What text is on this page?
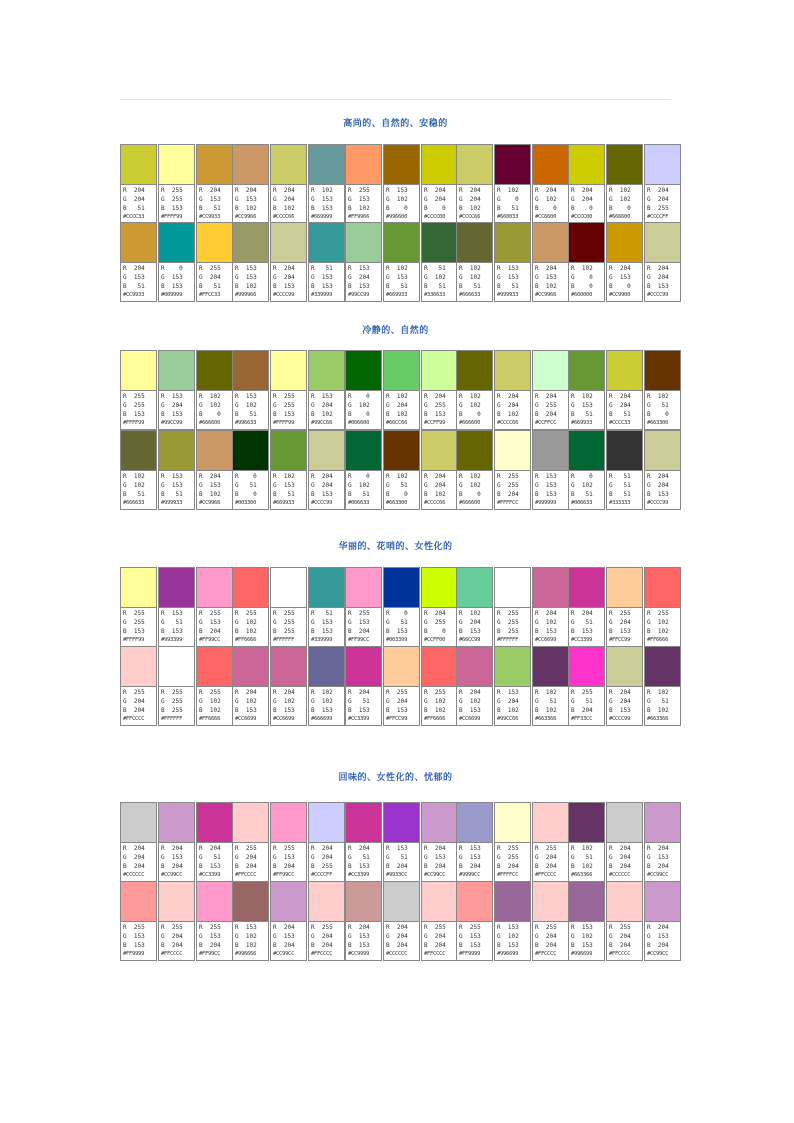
高尚的、自然的、安稳的
R  204
G  204
B   51
#CCCC33
R  255
G  255
B  153
#FFFF99
R  204
G  153
B   51
#CC9933
R  204
G  153
B  102
#CC9966
R  204
G  204
B  102
#CCCC66
R  102
G  153
B  153
#669999
R  255
G  153
B  102
#FF9966
R  153
G  102
B    0
#996600
R  204
G  204
B    0
#CCCC00
R  204
G  204
B  102
#CCCC66
R  102
G    0
B   51
#660033
R  204
G  102
B    0
#CC6600
R  204
G  204
B    0
#CCCC00
R  102
G  102
B    0
#666600
R  204
G  204
B  255
#CCCCFF
R  204
G  153
B   51
#CC9933
R    0
G  153
B  153
#009999
R  255
G  204
B   51
#FFCC33
R  153
G  153
B  102
#999966
R  204
G  204
B  153
#CCCC99
R   51
G  153
B  153
#339999
R  153
G  204
B  153
#99CC99
R  102
G  153
B   51
#669933
R   51
G  102
B   51
#336633
R  102
G  102
B   51
#666633
R  153
G  153
B   51
#999933
R  204
G  153
B  102
#CC9966
R  102
G    0
B    0
#660000
R  204
G  153
B    0
#CC9900
R  204
G  204
B  153
#CCCC99
冷静的、自然的
R  255
G  255
B  153
#FFFF99
R  153
G  204
B  153
#99CC99
R  102
G  102
B    0
#666600
R  153
G  102
B   51
#996633
R  255
G  255
B  153
#FFFF99
R  153
G  204
B  102
#99CC66
R    0
G  102
B    0
#006600
R  102
G  204
B  102
#66CC66
R  204
G  255
B  153
#CCFF99
R  102
G  102
B    0
#666600
R  204
G  204
B  102
#CCCC66
R  204
G  255
B  204
#CCFFCC
R  102
G  153
B   51
#669933
R  204
G  204
B   51
#CCCC33
R  102
G   51
B    0
#663300
R  102
G  102
B   51
#666633
R  153
G  153
B   51
#999933
R  204
G  153
B  102
#CC9966
R    0
G   51
B    0
#003300
R  102
G  153
B   51
#669933
R  204
G  204
B  153
#CCCC99
R    0
G  102
B   51
#006633
R  102
G   51
B    0
#663300
R  204
G  204
B  102
#CCCC66
R  102
G  102
B    0
#666600
R  255
G  255
B  204
#FFFFCC
R  153
G  153
B  153
#999999
R    0
G  102
B   51
#006633
R   51
G   51
B   51
#333333
R  204
G  204
B  153
#CCCC99
华丽的、花哨的、女性化的
R  255
G  255
B  153
#FFFF99
R  153
G   51
B  153
#993399
R  255
G  153
B  204
#FF99CC
R  255
G  102
B  102
#FF6666
R  255
G  255
B  255
#FFFFFF
R   51
G  153
B  153
#339999
R  255
G  153
B  204
#FF99CC
R    0
G   51
B  153
#003399
R  204
G  255
B    0
#CCFF00
R  102
G  204
B  153
#66CC99
R  255
G  255
B  255
#FFFFFF
R  204
G  102
B  153
#CC6699
R  204
G   51
B  153
#CC3399
R  255
G  204
B  153
#FFCC99
R  255
G  102
B  102
#FF6666
R  255
G  204
B  204
#FFCCCC
R  255
G  255
B  255
#FFFFFF
R  255
G  102
B  102
#FF6666
R  204
G  102
B  153
#CC6699
R  204
G  102
B  153
#CC6699
R  102
G  102
B  153
#666699
R  204
G   51
B  153
#CC3399
R  255
G  204
B  153
#FFCC99
R  255
G  102
B  102
#FF6666
R  204
G  102
B  153
#CC6699
R  153
G  204
B  102
#99CC66
R  102
G   51
B  102
#663366
R  255
G   51
B  204
#FF33CC
R  204
G  204
B  153
#CCCC99
R  102
G   51
B  102
#663366
回味的、女性化的、忧郁的
R  204
G  204
B  204
#CCCCCC
R  204
G  153
B  204
#CC99CC
R  204
G   51
B  153
#CC3399
R  255
G  204
B  204
#FFCCCC
R  255
G  153
B  204
#FF99CC
R  204
G  204
B  255
#CCCCFF
R  204
G   51
B  153
#CC3399
R  153
G   51
B  204
#9933CC
R  204
G  153
B  204
#CC99CC
R  153
G  153
B  204
#9999CC
R  255
G  255
B  204
#FFFFCC
R  255
G  204
B  204
#FFCCCC
R  102
G   51
B  102
#663366
R  204
G  204
B  204
#CCCCCC
R  204
G  153
B  204
#CC99CC
R  255
G  153
B  153
#FF9999
R  255
G  204
B  204
#FFCCCC
R  255
G  153
B  204
#FF99CC
R  153
G  102
B  102
#996666
R  204
G  153
B  204
#CC99CC
R  255
G  204
B  204
#FFCCCC
R  204
G  153
B  153
#CC9999
R  204
G  204
B  204
#CCCCCC
R  255
G  204
B  204
#FFCCCC
R  255
G  153
B  153
#FF9999
R  153
G  102
B  153
#996699
R  255
G  204
B  204
#FFCCCC
R  153
G  102
B  153
#996699
R  255
G  204
B  204
#FFCCCC
R  204
G  153
B  204
#CC99CC
